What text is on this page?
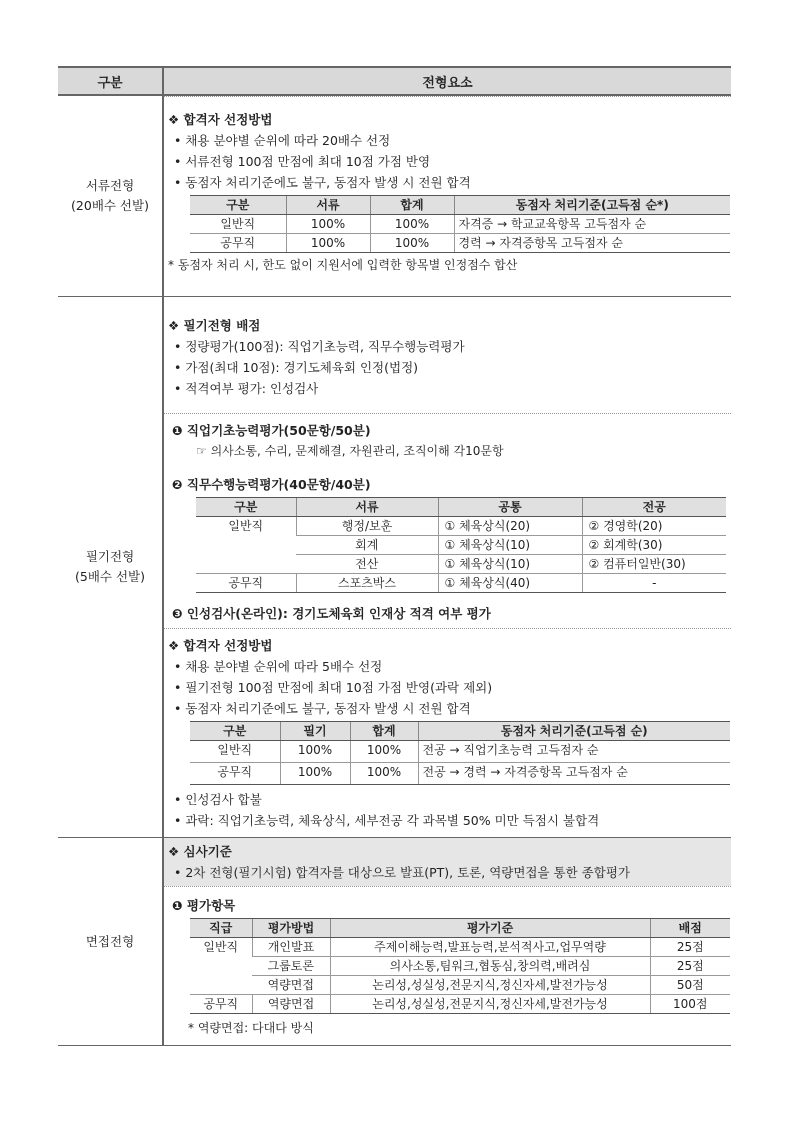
구분	전형요소

서류전형
(20배수 선발)

❖ 합격자 선정방법
• 채용 분야별 순위에 따라 20배수 선정
• 서류전형 100점 만점에 최대 10점 가점 반영
• 동점자 처리기준에도 불구, 동점자 발생 시 전원 합격
구분	서류	합계	동점자 처리기준(고득점 순*)
일반직	100%	100%	자격증 → 학교교육항목 고득점자 순
공무직	100%	100%	경력 → 자격증항목 고득점자 순
* 동점자 처리 시, 한도 없이 지원서에 입력한 항목별 인정점수 합산

필기전형
(5배수 선발)

❖ 필기전형 배점
• 정량평가(100점): 직업기초능력, 직무수행능력평가
• 가점(최대 10점): 경기도체육회 인정(법정)
• 적격여부 평가: 인성검사
❶ 직업기초능력평가(50문항/50분)
☞ 의사소통, 수리, 문제해결, 자원관리, 조직이해 각10문항
❷ 직무수행능력평가(40문항/40분)
구분	서류	공통	전공
일반직	행정/보훈	① 체육상식(20)	② 경영학(20)
회계	① 체육상식(10)	② 회계학(30)
전산	① 체육상식(10)	② 컴퓨터일반(30)
공무직	스포츠박스	① 체육상식(40)	-
❸ 인성검사(온라인): 경기도체육회 인재상 적격 여부 평가
❖ 합격자 선정방법
• 채용 분야별 순위에 따라 5배수 선정
• 필기전형 100점 만점에 최대 10점 가점 반영(과락 제외)
• 동점자 처리기준에도 불구, 동점자 발생 시 전원 합격
구분	필기	합계	동점자 처리기준(고득점 순)
일반직	100%	100%	전공 → 직업기초능력 고득점자 순
공무직	100%	100%	전공 → 경력 → 자격증항목 고득점자 순
• 인성검사 합불
• 과락: 직업기초능력, 체육상식, 세부전공 각 과목별 50% 미만 득점시 불합격

면접전형	
❖ 심사기준
• 2차 전형(필기시험) 합격자를 대상으로 발표(PT), 토론, 역량면접을 통한 종합평가
❶ 평가항목
직급	평가방법	평가기준	배점
일반직	개인발표	주제이해능력,발표능력,분석적사고,업무역량	25점
그룹토론	의사소통,팀워크,협동심,창의력,배려심	25점
역량면접	논리성,성실성,전문지식,정신자세,발전가능성	50점
공무직	역량면접	논리성,성실성,전문지식,정신자세,발전가능성	100점
* 역량면접: 다대다 방식
